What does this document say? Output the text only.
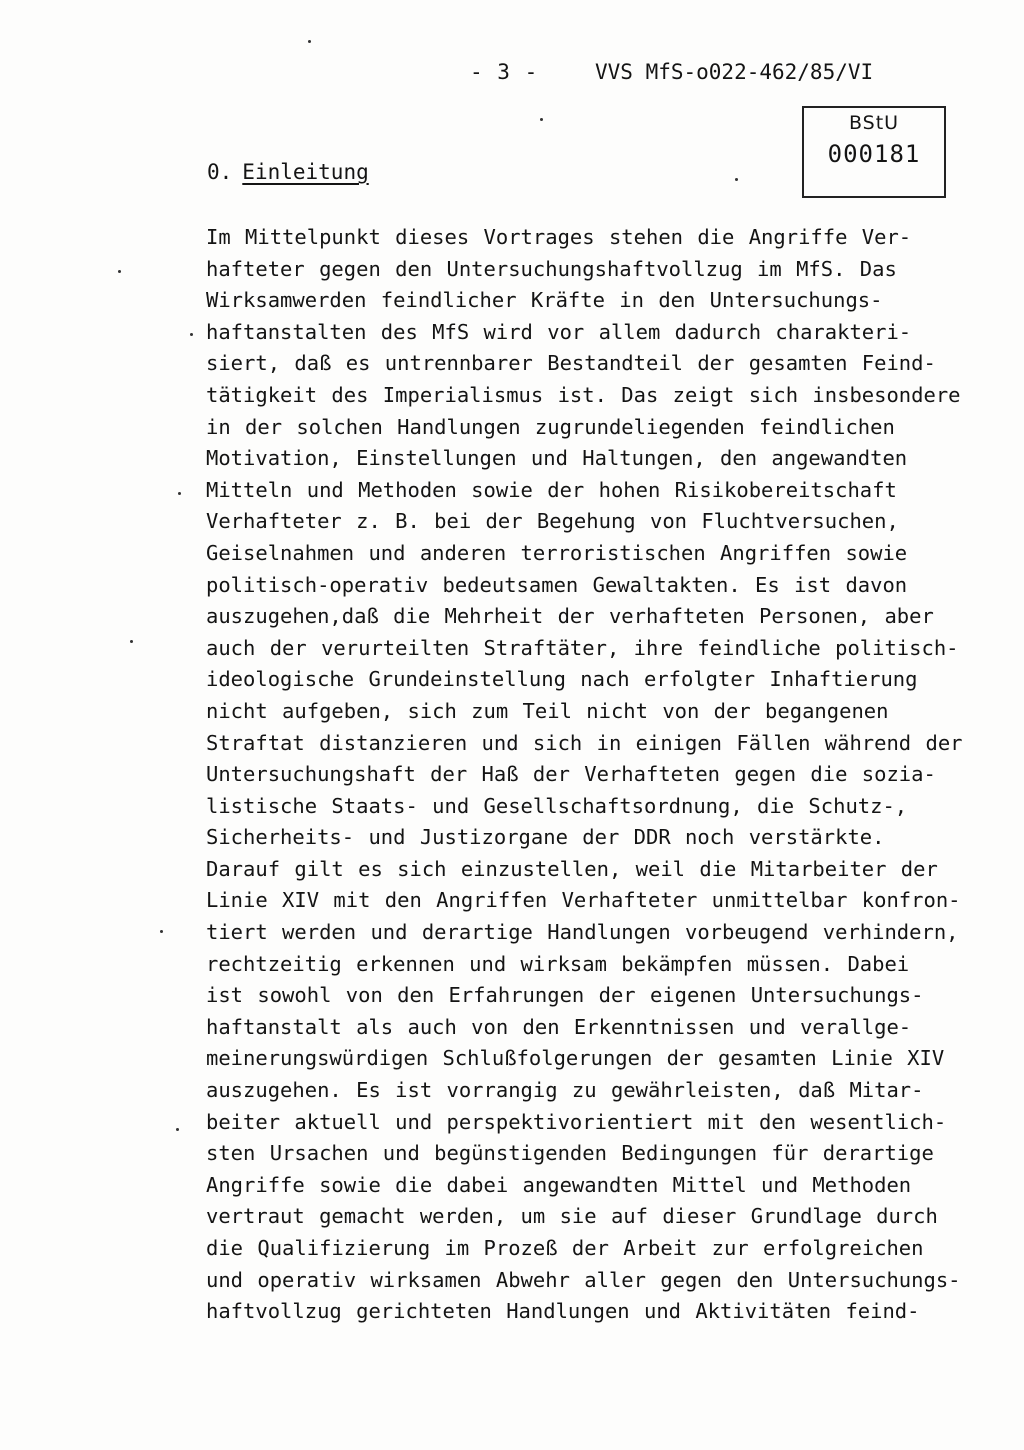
- 3 -	VVS MfS-o022-462/85/VI
BStU
000181
0. Einleitung
Im Mittelpunkt dieses Vortrages stehen die Angriffe Ver-
hafteter gegen den Untersuchungshaftvollzug im MfS. Das
Wirksamwerden feindlicher Kräfte in den Untersuchungs-
haftanstalten des MfS wird vor allem dadurch charakteri-
siert, daß es untrennbarer Bestandteil der gesamten Feind-
tätigkeit des Imperialismus ist. Das zeigt sich insbesondere
in der solchen Handlungen zugrundeliegenden feindlichen
Motivation, Einstellungen und Haltungen, den angewandten
Mitteln und Methoden sowie der hohen Risikobereitschaft
Verhafteter z. B. bei der Begehung von Fluchtversuchen,
Geiselnahmen und anderen terroristischen Angriffen sowie
politisch-operativ bedeutsamen Gewaltakten. Es ist davon
auszugehen,daß die Mehrheit der verhafteten Personen, aber
auch der verurteilten Straftäter, ihre feindliche politisch-
ideologische Grundeinstellung nach erfolgter Inhaftierung
nicht aufgeben, sich zum Teil nicht von der begangenen
Straftat distanzieren und sich in einigen Fällen während der
Untersuchungshaft der Haß der Verhafteten gegen die sozia-
listische Staats- und Gesellschaftsordnung, die Schutz-,
Sicherheits- und Justizorgane der DDR noch verstärkte.
Darauf gilt es sich einzustellen, weil die Mitarbeiter der
Linie XIV mit den Angriffen Verhafteter unmittelbar konfron-
tiert werden und derartige Handlungen vorbeugend verhindern,
rechtzeitig erkennen und wirksam bekämpfen müssen. Dabei
ist sowohl von den Erfahrungen der eigenen Untersuchungs-
haftanstalt als auch von den Erkenntnissen und verallge-
meinerungswürdigen Schlußfolgerungen der gesamten Linie XIV
auszugehen. Es ist vorrangig zu gewährleisten, daß Mitar-
beiter aktuell und perspektivorientiert mit den wesentlich-
sten Ursachen und begünstigenden Bedingungen für derartige
Angriffe sowie die dabei angewandten Mittel und Methoden
vertraut gemacht werden, um sie auf dieser Grundlage durch
die Qualifizierung im Prozeß der Arbeit zur erfolgreichen
und operativ wirksamen Abwehr aller gegen den Untersuchungs-
haftvollzug gerichteten Handlungen und Aktivitäten feind-
